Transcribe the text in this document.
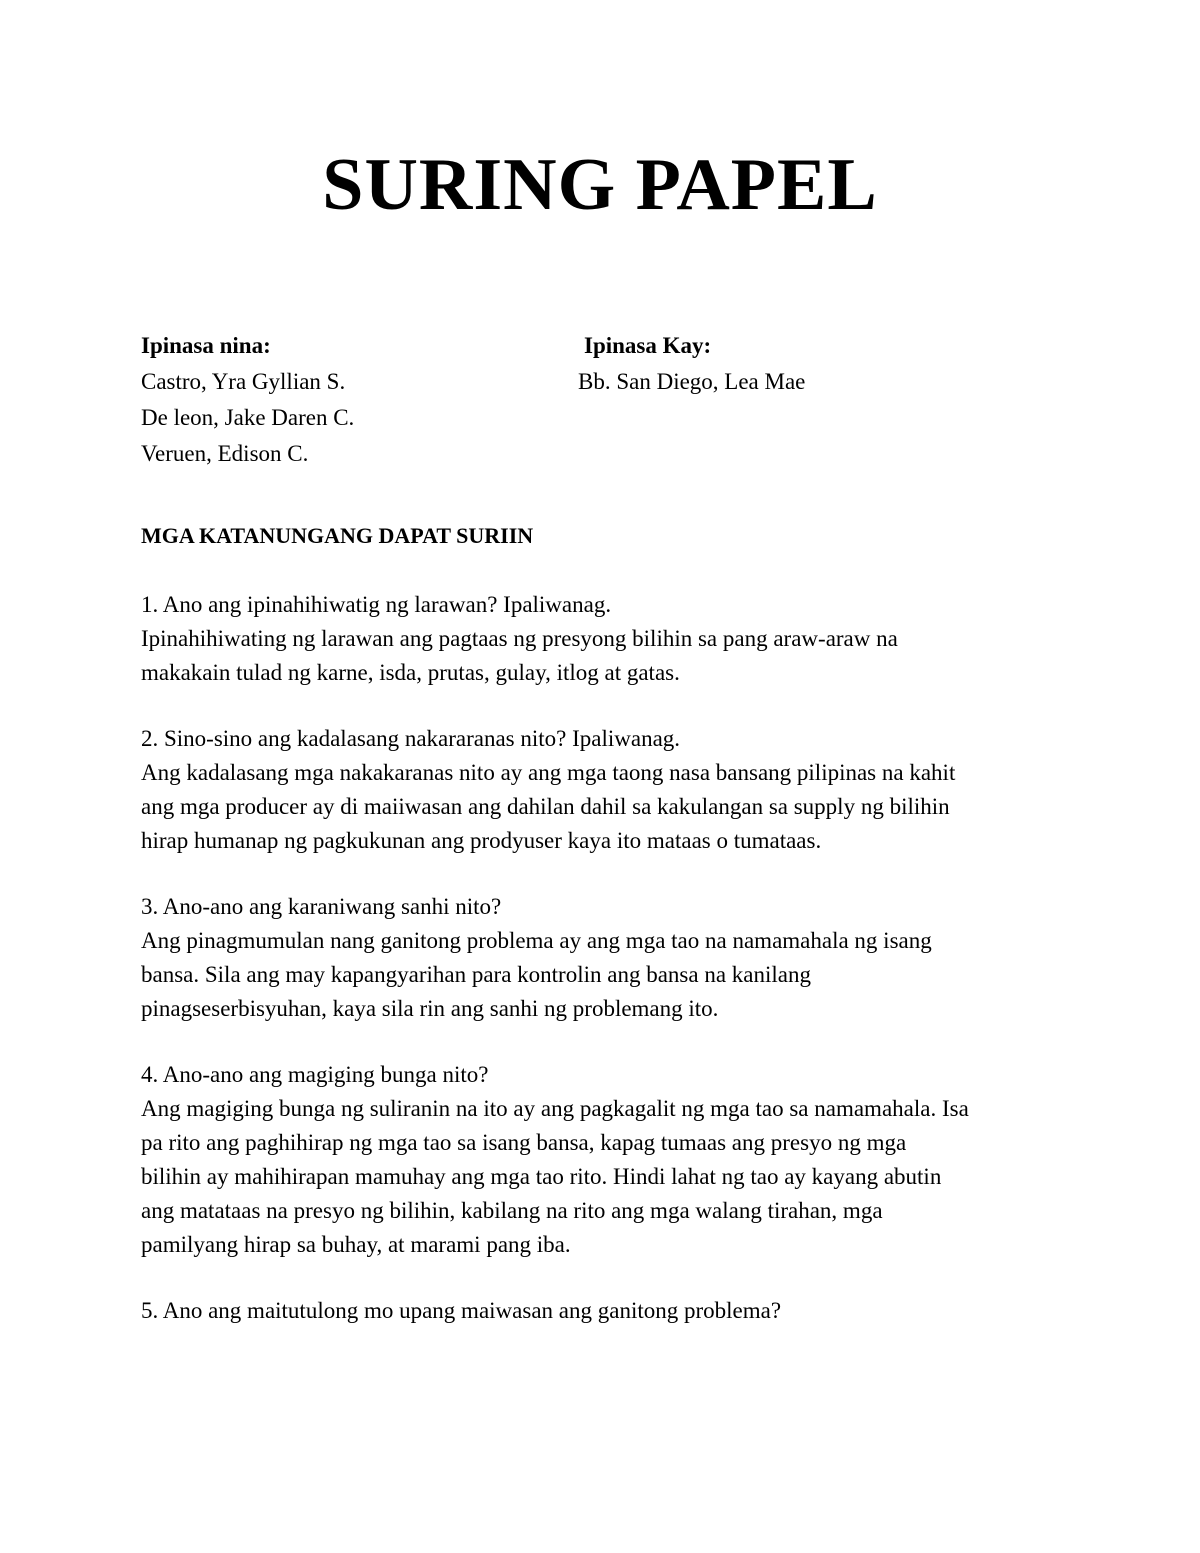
SURING PAPEL
Ipinasa nina:
Castro, Yra Gyllian S.
De leon, Jake Daren C.
Veruen, Edison C.
Ipinasa Kay:
Bb. San Diego, Lea Mae
MGA KATANUNGANG DAPAT SURIIN
1. Ano ang ipinahihiwatig ng larawan? Ipaliwanag.
Ipinahihiwating ng larawan ang pagtaas ng presyong bilihin sa pang araw-araw na
makakain tulad ng karne, isda, prutas, gulay, itlog at gatas.
2. Sino-sino ang kadalasang nakararanas nito? Ipaliwanag.
Ang kadalasang mga nakakaranas nito ay ang mga taong nasa bansang pilipinas na kahit
ang mga producer ay di maiiwasan ang dahilan dahil sa kakulangan sa supply ng bilihin
hirap humanap ng pagkukunan ang prodyuser kaya ito mataas o tumataas.
3. Ano-ano ang karaniwang sanhi nito?
Ang pinagmumulan nang ganitong problema ay ang mga tao na namamahala ng isang
bansa. Sila ang may kapangyarihan para kontrolin ang bansa na kanilang
pinagseserbisyuhan, kaya sila rin ang sanhi ng problemang ito.
4. Ano-ano ang magiging bunga nito?
Ang magiging bunga ng suliranin na ito ay ang pagkagalit ng mga tao sa namamahala. Isa
pa rito ang paghihirap ng mga tao sa isang bansa, kapag tumaas ang presyo ng mga
bilihin ay mahihirapan mamuhay ang mga tao rito. Hindi lahat ng tao ay kayang abutin
ang matataas na presyo ng bilihin, kabilang na rito ang mga walang tirahan, mga
pamilyang hirap sa buhay, at marami pang iba.
5. Ano ang maitutulong mo upang maiwasan ang ganitong problema?
